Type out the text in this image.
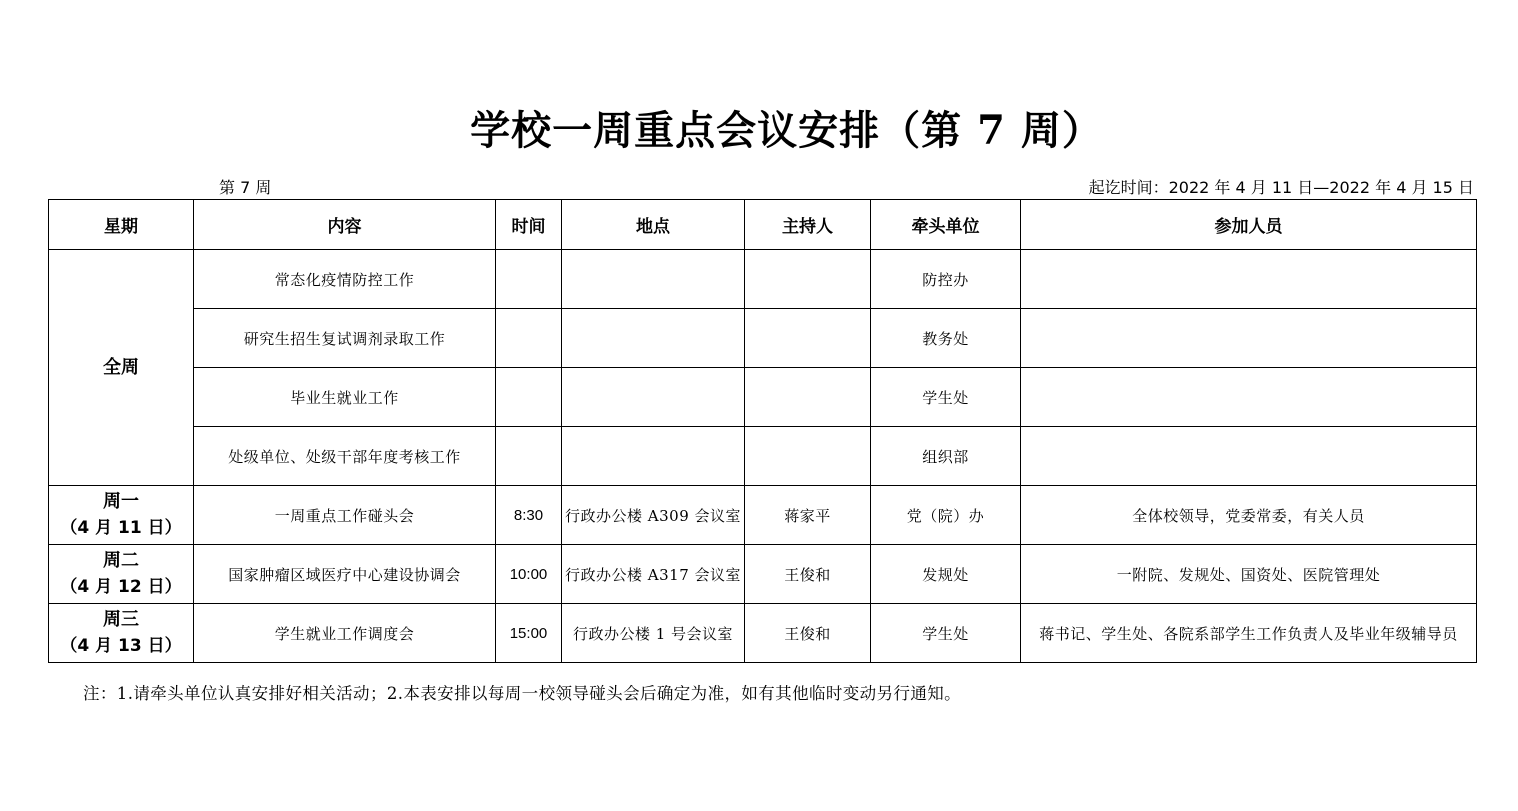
学校一周重点会议安排（第 7 周）
第 7 周	起讫时间：2022 年 4 月 11 日—2022 年 4 月 15 日
星期	内容	时间	地点	主持人	牵头单位	参加人员
全周	常态化疫情防控工作				防控办	
	研究生招生复试调剂录取工作				教务处	
	毕业生就业工作				学生处	
	处级单位、处级干部年度考核工作				组织部	

周一
（4 月 11 日）	一周重点工作碰头会	8:30	行政办公楼 A309 会议室	蒋家平	党（院）办	全体校领导，党委常委，有关人员

周二
（4 月 12 日）	国家肿瘤区域医疗中心建设协调会	10:00	行政办公楼 A317 会议室	王俊和	发规处	一附院、发规处、国资处、医院管理处

周三
（4 月 13 日）	学生就业工作调度会	15:00	行政办公楼 1 号会议室	王俊和	学生处	蒋书记、学生处、各院系部学生工作负责人及毕业年级辅导员
注：1.请牵头单位认真安排好相关活动；2.本表安排以每周一校领导碰头会后确定为准，如有其他临时变动另行通知。
